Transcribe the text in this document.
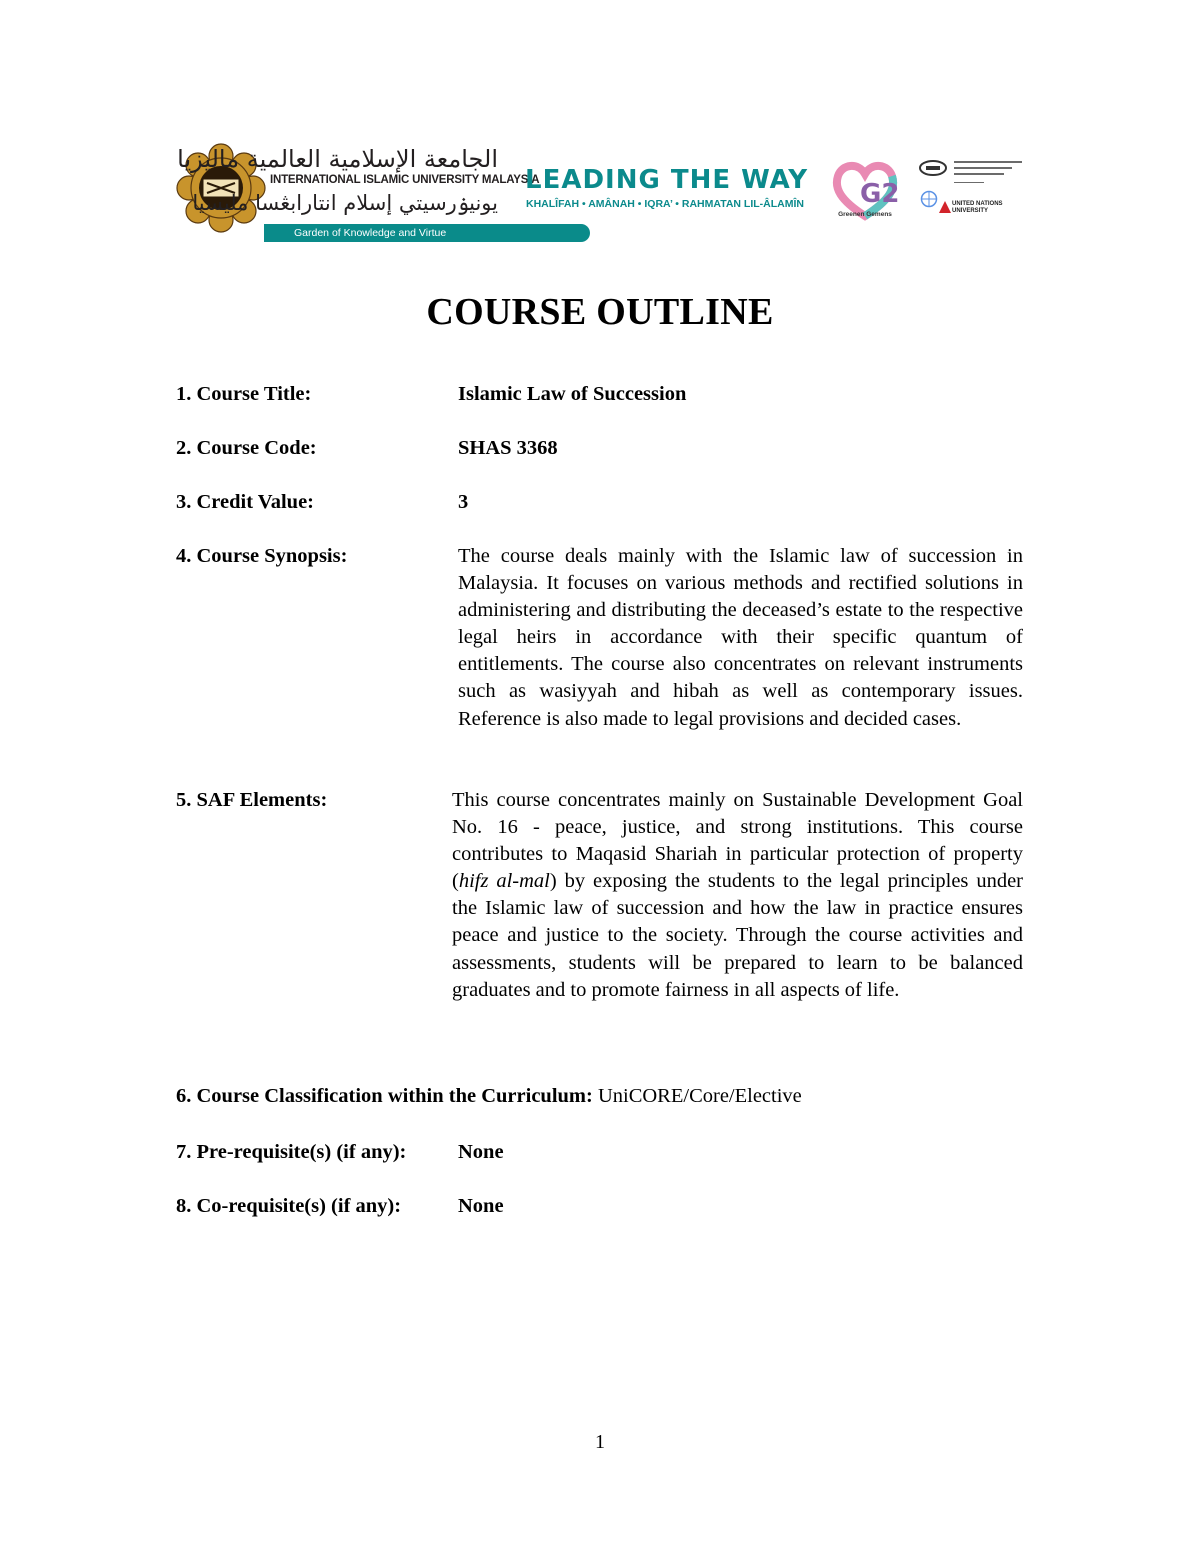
الجامعة الإسلامية العالمية ماليزيا
INTERNATIONAL ISLAMIC UNIVERSITY MALAYSIA
يونيۏرسيتي إسلام انتارابڠسا مليسيا
Garden of Knowledge and Virtue
LEADING THE WAY
KHALÎFAH • AMÂNAH • IQRA’ • RAHMATAN LIL-ÂLAMÎN G2
Greenen Gemens
UNITED NATIONS
UNIVERSITY
COURSE OUTLINE
1. Course Title:	Islamic Law of Succession
2. Course Code:	SHAS 3368
3. Credit Value:	3
4. Course Synopsis:	The course deals mainly with the Islamic law of succession in Malaysia. It focuses on various methods and rectified solutions in administering and distributing the deceased’s estate to the respective legal heirs in accordance with their specific quantum of entitlements. The course also concentrates on relevant instruments such as wasiyyah and hibah as well as contemporary issues. Reference is also made to legal provisions and decided cases.

5. SAF Elements:	This course concentrates mainly on Sustainable Development Goal No. 16 - peace, justice, and strong institutions. This course contributes to Maqasid Shariah in particular protection of property (hifz al-mal) by exposing the students to the legal principles under the Islamic law of succession and how the law in practice ensures peace and justice to the society. Through the course activities and assessments, students will be prepared to learn to be balanced graduates and to promote fairness in all aspects of life.

6. Course Classification within the Curriculum: UniCORE/Core/Elective
7. Pre-requisite(s) (if any):	None
8. Co-requisite(s) (if any):	None
1
